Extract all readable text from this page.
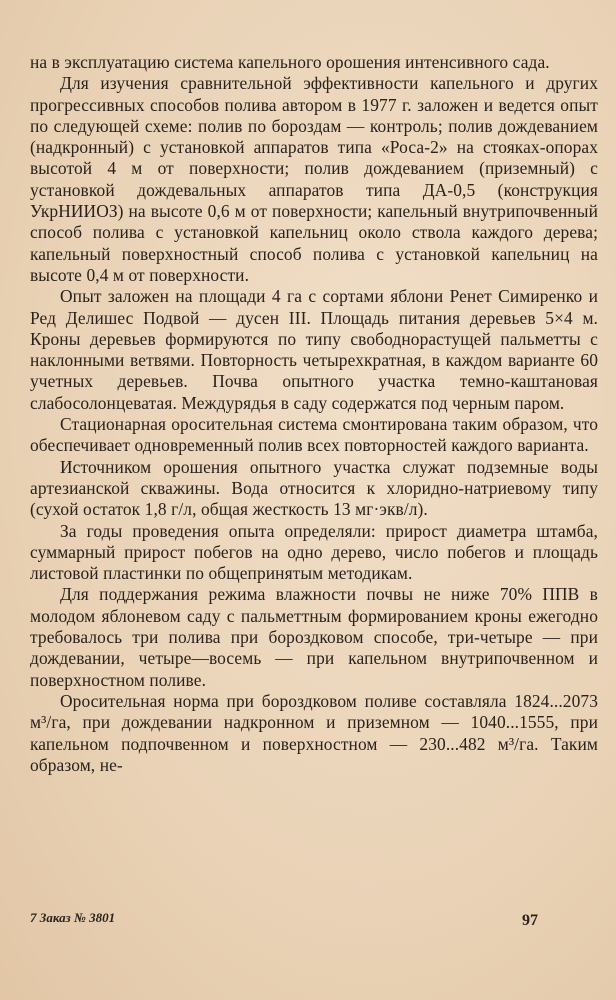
на в эксплуатацию система капельного орошения интенсивного сада.

Для изучения сравнительной эффективности капельного и других прогрессивных способов полива автором в 1977 г. заложен и ведется опыт по следующей схеме: полив по бороздам — контроль; полив дождеванием (надкронный) с установкой аппаратов типа «Роса-2» на стояках-опорах высотой 4 м от поверхности; полив дождеванием (приземный) с установкой дождевальных аппаратов типа ДА-0,5 (конструкция УкрНИИОЗ) на высоте 0,6 м от поверхности; капельный внутрипочвенный способ полива с установкой капельниц около ствола каждого дерева; капельный поверхностный способ полива с установкой капельниц на высоте 0,4 м от поверхности.

Опыт заложен на площади 4 га с сортами яблони Ренет Симиренко и Ред Делишес Подвой — дусен III. Площадь питания деревьев 5×4 м. Кроны деревьев формируются по типу свободнорастущей пальметты с наклонными ветвями. Повторность четырехкратная, в каждом варианте 60 учетных деревьев. Почва опытного участка темно-каштановая слабосолонцеватая. Междурядья в саду содержатся под черным паром.

Стационарная оросительная система смонтирована таким образом, что обеспечивает одновременный полив всех повторностей каждого варианта.

Источником орошения опытного участка служат подземные воды артезианской скважины. Вода относится к хлоридно-натриевому типу (сухой остаток 1,8 г/л, общая жесткость 13 мг·экв/л).

За годы проведения опыта определяли: прирост диаметра штамба, суммарный прирост побегов на одно дерево, число побегов и площадь листовой пластинки по общепринятым методикам.

Для поддержания режима влажности почвы не ниже 70% ППВ в молодом яблоневом саду с пальметтным формированием кроны ежегодно требовалось три полива при бороздковом способе, три-четыре — при дождевании, четыре—восемь — при капельном внутрипочвенном и поверхностном поливе.

Оросительная норма при бороздковом поливе составляла 1824...2073 м³/га, при дождевании надкронном и приземном — 1040...1555, при капельном подпочвенном и поверхностном — 230...482 м³/га. Таким образом, не-

7 Заказ № 3801	97
